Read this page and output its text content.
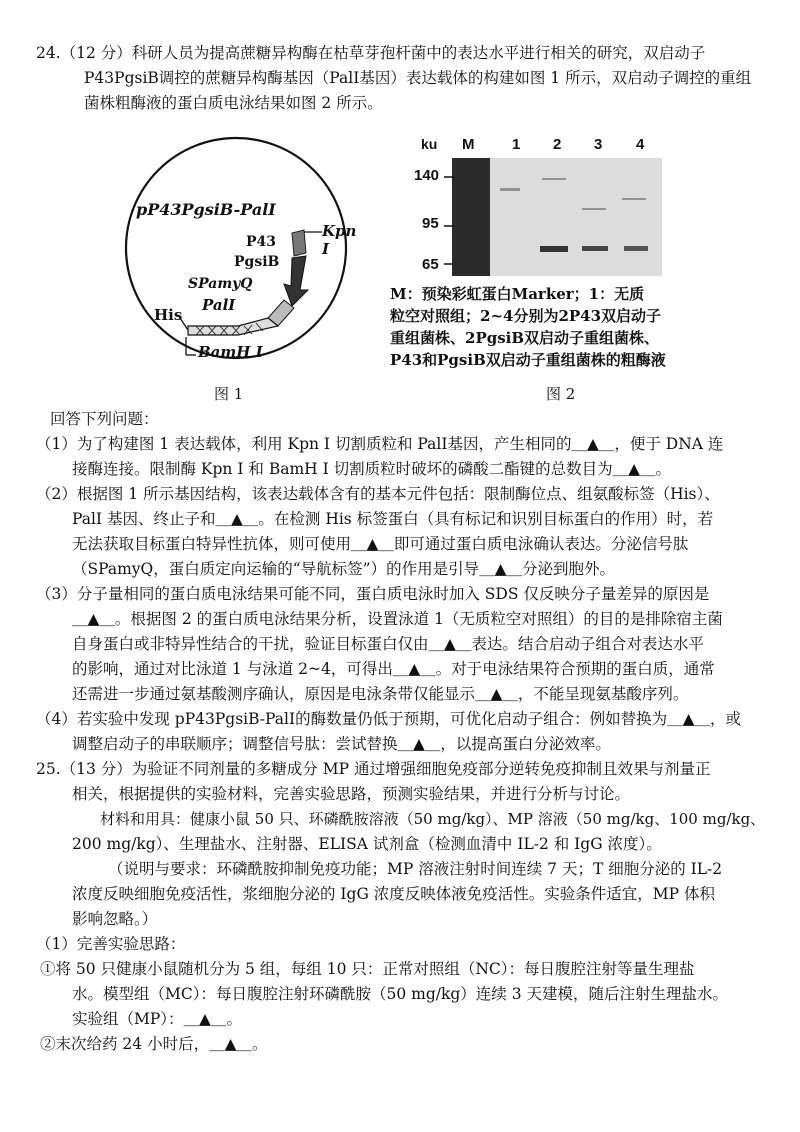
24.（12 分）科研人员为提高蔗糖异构酶在枯草芽孢杆菌中的表达水平进行相关的研究，双启动子
P43PgsiB调控的蔗糖异构酶基因（PalI基因）表达载体的构建如图 1 所示，双启动子调控的重组
菌株粗酶液的蛋白质电泳结果如图 2 所示。
pP43PgsiB-PalI
P43
Kpn I
PgsiB
SPamyQ
His
PalI
BamH I
图 1
ku M	1 2 3 4
140
95
65
M：预染彩虹蛋白Marker；1：无质
粒空对照组；2~4分别为2P43双启动子
重组菌株、2PgsiB双启动子重组菌株、
P43和PgsiB双启动子重组菌株的粗酶液
图 2
回答下列问题：
（1）为了构建图 1 表达载体，利用 Kpn I 切割质粒和 PalI基因，产生相同的＿▲＿，便于 DNA 连
接酶连接。限制酶 Kpn I 和 BamH I 切割质粒时破坏的磷酸二酯键的总数目为＿▲＿。
（2）根据图 1 所示基因结构，该表达载体含有的基本元件包括：限制酶位点、组氨酸标签（His）、
PalI 基因、终止子和＿▲＿。在检测 His 标签蛋白（具有标记和识别目标蛋白的作用）时，若
无法获取目标蛋白特异性抗体，则可使用＿▲＿即可通过蛋白质电泳确认表达。分泌信号肽
（SPamyQ，蛋白质定向运输的“导航标签”）的作用是引导＿▲＿分泌到胞外。
（3）分子量相同的蛋白质电泳结果可能不同，蛋白质电泳时加入 SDS 仅反映分子量差异的原因是
＿▲＿。根据图 2 的蛋白质电泳结果分析，设置泳道 1（无质粒空对照组）的目的是排除宿主菌
自身蛋白或非特异性结合的干扰，验证目标蛋白仅由＿▲＿表达。结合启动子组合对表达水平
的影响，通过对比泳道 1 与泳道 2~4，可得出＿▲＿。对于电泳结果符合预期的蛋白质，通常
还需进一步通过氨基酸测序确认，原因是电泳条带仅能显示＿▲＿，不能呈现氨基酸序列。
（4）若实验中发现 pP43PgsiB-PalI的酶数量仍低于预期，可优化启动子组合：例如替换为＿▲＿，或
调整启动子的串联顺序；调整信号肽：尝试替换＿▲＿，以提高蛋白分泌效率。
25.（13 分）为验证不同剂量的多糖成分 MP 通过增强细胞免疫部分逆转免疫抑制且效果与剂量正
相关，根据提供的实验材料，完善实验思路，预测实验结果，并进行分析与讨论。
材料和用具：健康小鼠 50 只、环磷酰胺溶液（50 mg/kg）、MP 溶液（50 mg/kg、100 mg/kg、
200 mg/kg）、生理盐水、注射器、ELISA 试剂盒（检测血清中 IL-2 和 IgG 浓度）。
（说明与要求：环磷酰胺抑制免疫功能；MP 溶液注射时间连续 7 天；T 细胞分泌的 IL-2
浓度反映细胞免疫活性，浆细胞分泌的 IgG 浓度反映体液免疫活性。实验条件适宜，MP 体积
影响忽略。）
（1）完善实验思路：
①将 50 只健康小鼠随机分为 5 组，每组 10 只：正常对照组（NC）：每日腹腔注射等量生理盐
水。模型组（MC）：每日腹腔注射环磷酰胺（50 mg/kg）连续 3 天建模，随后注射生理盐水。
实验组（MP）：＿▲＿。
②末次给药 24 小时后，＿▲＿。
